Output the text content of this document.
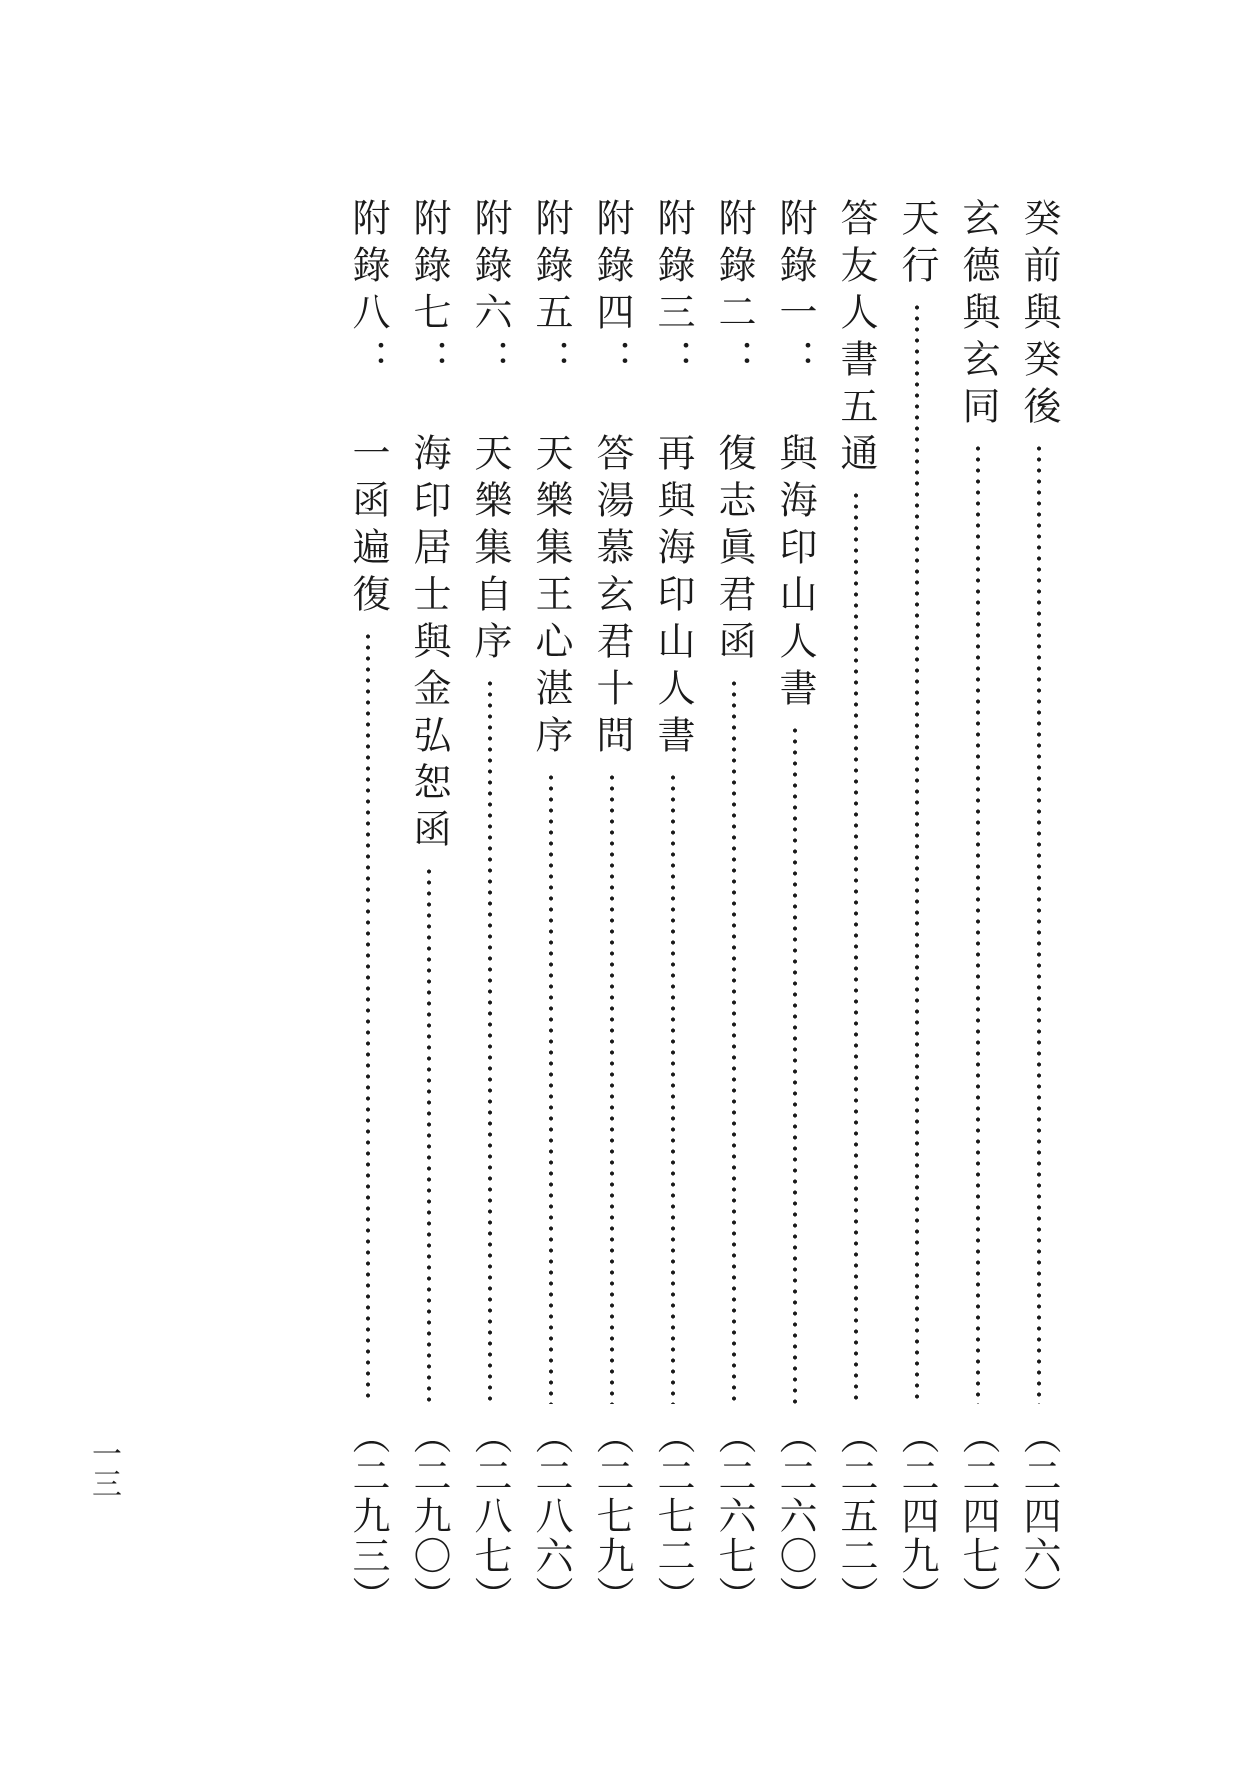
癸前與癸後
（二四六）
玄德與玄同
（二四七）
天行
（二四九）
答友人書五通
（二五二）
附錄一：　與海印山人書
（二六〇）
附錄二：　復志眞君函
（二六七）
附錄三：　再與海印山人書
（二七二）
附錄四：　答湯慕玄君十問
（二七九）
附錄五：　天樂集王心湛序
（二八六）
附錄六：　天樂集自序
（二八七）
附錄七：　海印居士與金弘恕函
（二九〇）
附錄八：　一函遍復
（二九三）
一三
